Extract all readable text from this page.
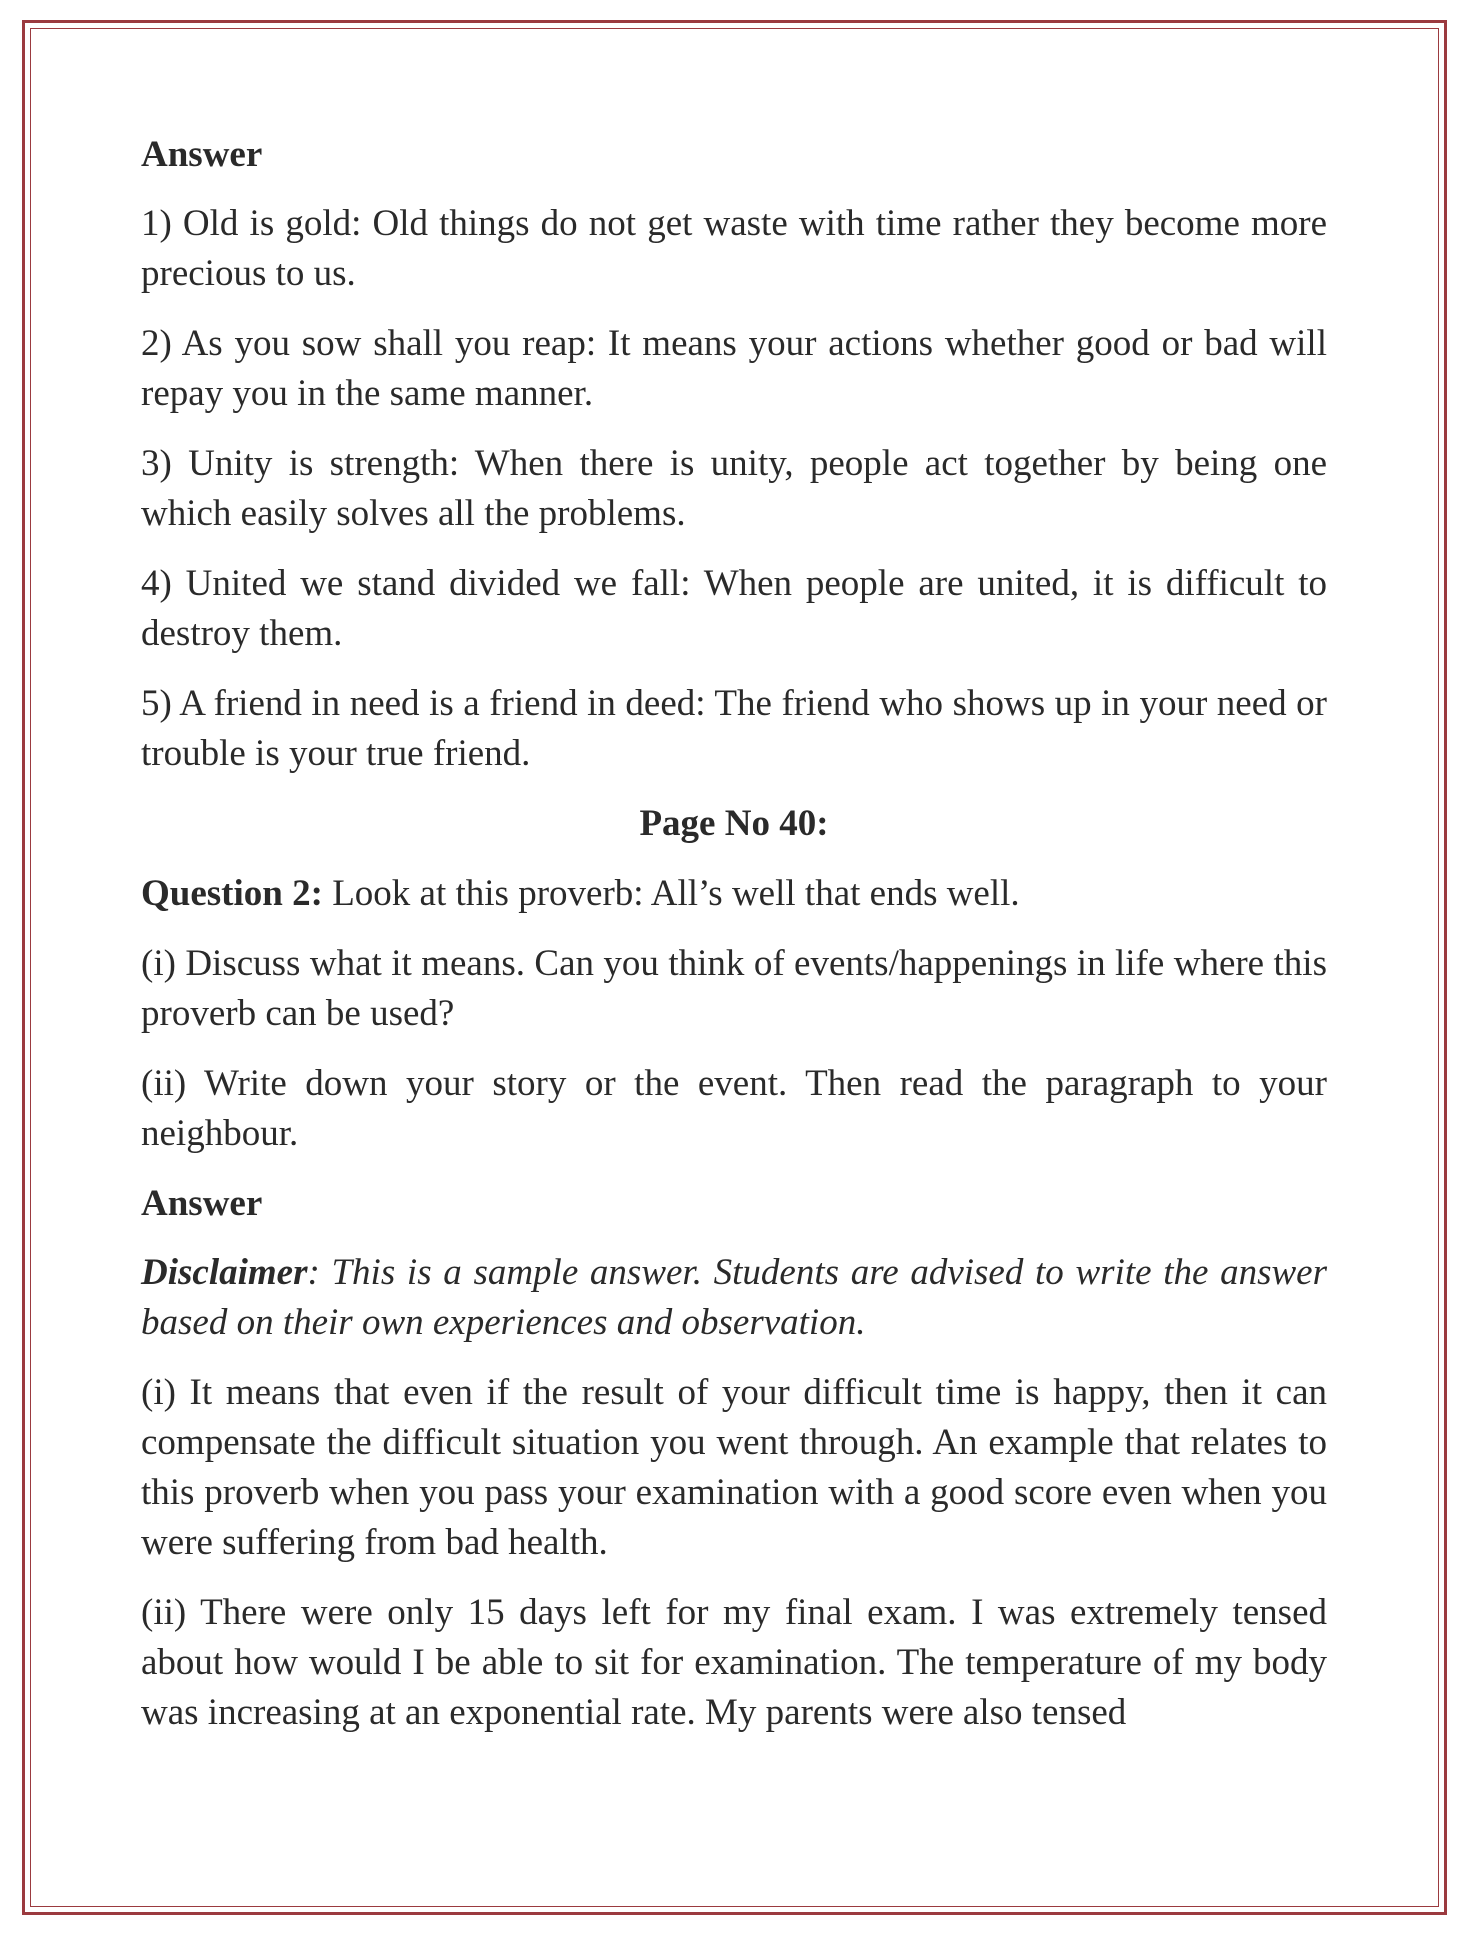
Answer

1) Old is gold: Old things do not get waste with time rather they become more precious to us.

2) As you sow shall you reap: It means your actions whether good or bad will repay you in the same manner.

3) Unity is strength: When there is unity, people act together by being one which easily solves all the problems.

4) United we stand divided we fall: When people are united, it is difficult to destroy them.

5) A friend in need is a friend in deed: The friend who shows up in your need or trouble is your true friend.

Page No 40:

Question 2: Look at this proverb: All’s well that ends well.

(i) Discuss what it means. Can you think of events/happenings in life where this proverb can be used?

(ii) Write down your story or the event. Then read the paragraph to your neighbour.

Answer

Disclaimer: This is a sample answer. Students are advised to write the answer based on their own experiences and observation.

(i) It means that even if the result of your difficult time is happy, then it can compensate the difficult situation you went through. An example that relates to this proverb when you pass your examination with a good score even when you were suffering from bad health.

(ii) There were only 15 days left for my final exam. I was extremely tensed about how would I be able to sit for examination. The temperature of my body was increasing at an exponential rate. My parents were also tensed
